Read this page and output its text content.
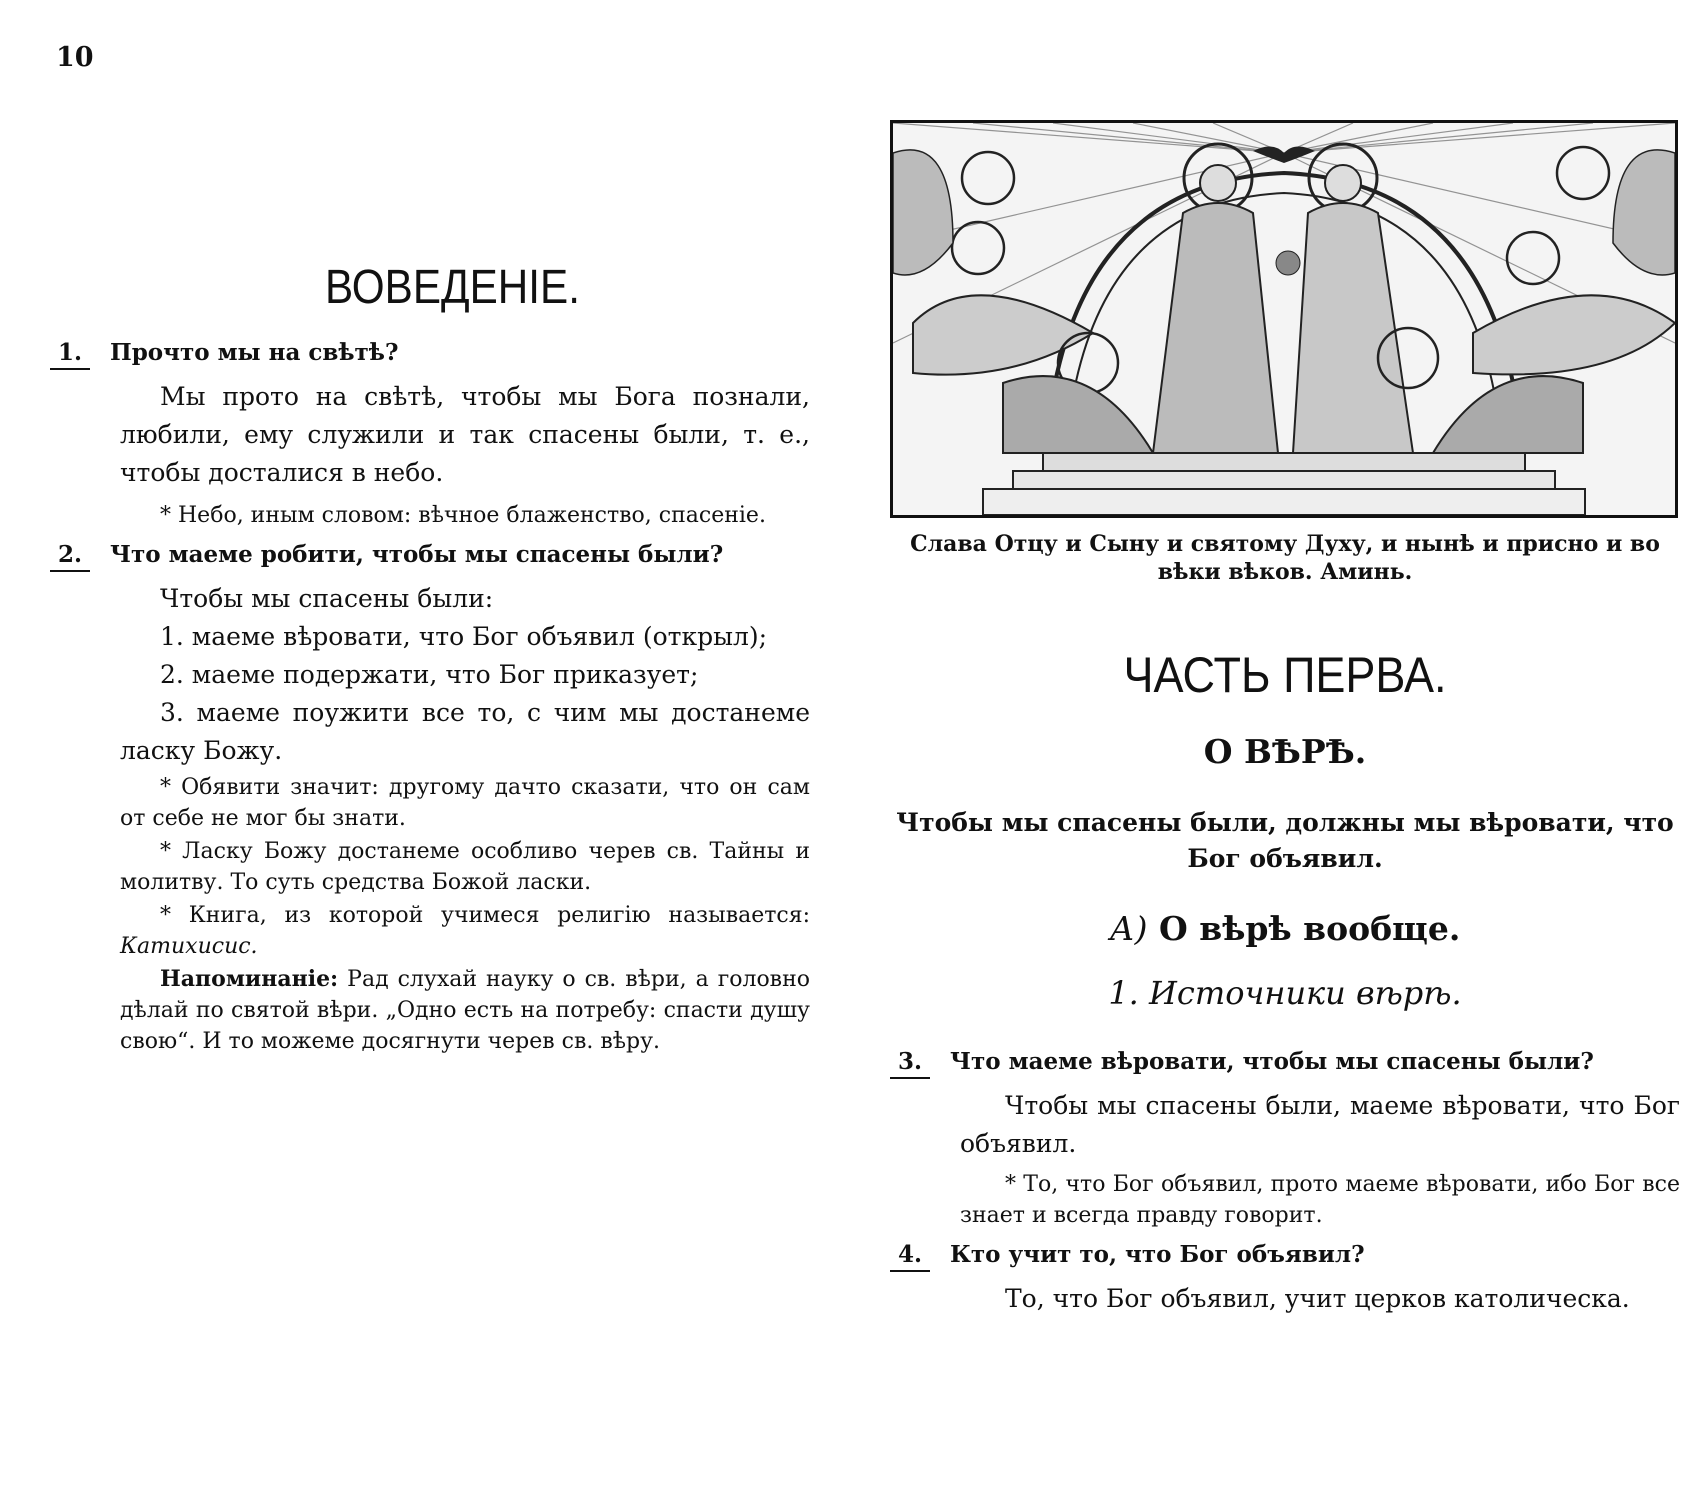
10
ВОВЕДЕНІЕ.
1.	Прочто мы на свѣтѣ?

Мы прото на свѣтѣ, чтобы мы Бога познали, любили, ему служили и так спасены были, т. е., чтобы досталися в небо.

* Небо, иным словом: вѣчное блаженство, спасеніе.

2.	Что маеме робити, чтобы мы спасены были?

Чтобы мы спасены были:

1. маеме вѣровати, что Бог объявил (открыл);

2. маеме подержати, что Бог приказует;

3. маеме поужити все то, с чим мы достанеме ласку Божу.

* Обявити значит: другому дачто сказати, что он сам от себе не мог бы знати.

* Ласку Божу достанеме особливо черев св. Тайны и молитву. То суть средства Божой ласки.

* Книга, из которой учимеся религію называется: Катихисис.

Напоминаніе: Рад слухай науку о св. вѣри, а головно дѣлай по святой вѣри. „Одно есть на потребу: спасти душу свою“. И то можеме досягнути черев св. вѣру.

Слава Отцу и Сыну и святому Духу, и нынѣ и присно и во вѣки вѣков. Аминь.

ЧАСТЬ ПЕРВА.
О ВѢРѢ.

Чтобы мы спасены были, должны мы вѣровати, что Бог объявил.

А) О вѣрѣ вообще.
1. Источники вѣрѣ.
3.	Что маеме вѣровати, чтобы мы спасены были?

Чтобы мы спасены были, маеме вѣровати, что Бог объявил.

* То, что Бог объявил, прото маеме вѣровати, ибо Бог все знает и всегда правду говорит.

4.	Кто учит то, что Бог объявил?

То, что Бог объявил, учит церков католическа.
